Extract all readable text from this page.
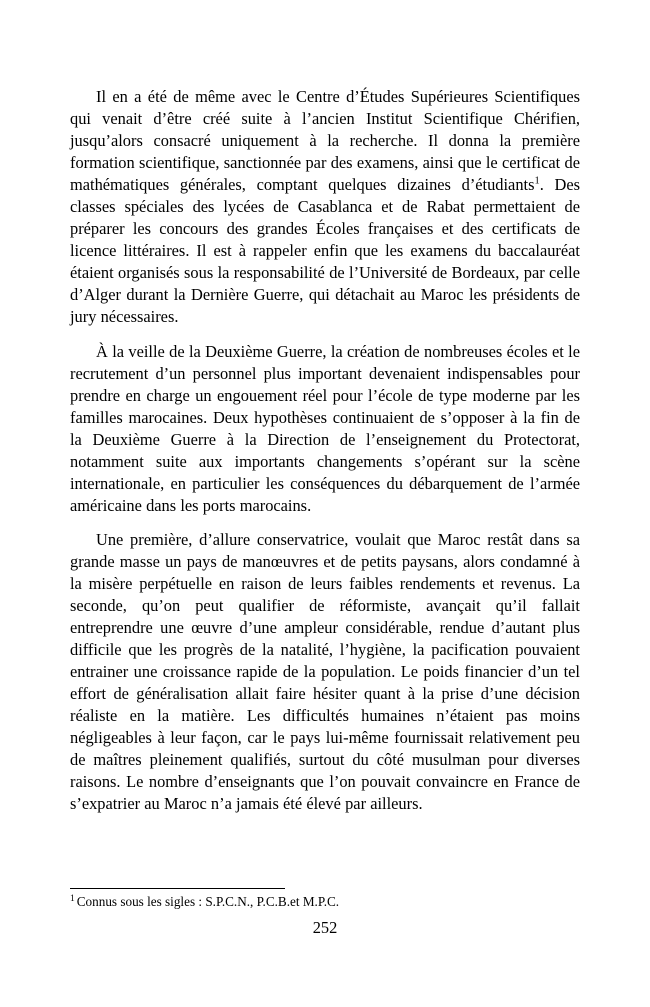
Il en a été de même avec le Centre d’Études Supérieures Scientifiques qui venait d’être créé suite à l’ancien Institut Scientifique Chérifien, jusqu’alors consacré uniquement à la recherche. Il donna la première formation scientifique, sanctionnée par des examens, ainsi que le certificat de mathématiques générales, comptant quelques dizaines d’étudiants$^1$. Des classes spéciales des lycées de Casablanca et de Rabat permettaient de préparer les concours des grandes Écoles françaises et des certificats de licence littéraires. Il est à rappeler enfin que les examens du baccalauréat étaient organisés sous la responsabilité de l’Université de Bordeaux, par celle d’Alger durant la Dernière Guerre, qui détachait au Maroc les présidents de jury nécessaires.

À la veille de la Deuxième Guerre, la création de nombreuses écoles et le recrutement d’un personnel plus important devenaient indispensables pour prendre en charge un engouement réel pour l’école de type moderne par les familles marocaines. Deux hypothèses continuaient de s’opposer à la fin de la Deuxième Guerre à la Direction de l’enseignement du Protectorat, notamment suite aux importants changements s’opérant sur la scène internationale, en particulier les conséquences du débarquement de l’armée américaine dans les ports marocains.

Une première, d’allure conservatrice, voulait que Maroc restât dans sa grande masse un pays de manœuvres et de petits paysans, alors condamné à la misère perpétuelle en raison de leurs faibles rendements et revenus. La seconde, qu’on peut qualifier de réformiste, avançait qu’il fallait entreprendre une œuvre d’une ampleur considérable, rendue d’autant plus difficile que les progrès de la natalité, l’hygiène, la pacification pouvaient entrainer une croissance rapide de la population. Le poids financier d’un tel effort de généralisation allait faire hésiter quant à la prise d’une décision réaliste en la matière. Les difficultés humaines n’étaient pas moins négligeables à leur façon, car le pays lui-même fournissait relativement peu de maîtres pleinement qualifiés, surtout du côté musulman pour diverses raisons. Le nombre d’enseignants que l’on pouvait convaincre en France de s’expatrier au Maroc n’a jamais été élevé par ailleurs.

$^1$ Connus sous les sigles : S.P.C.N., P.C.B.et M.P.C.

252
